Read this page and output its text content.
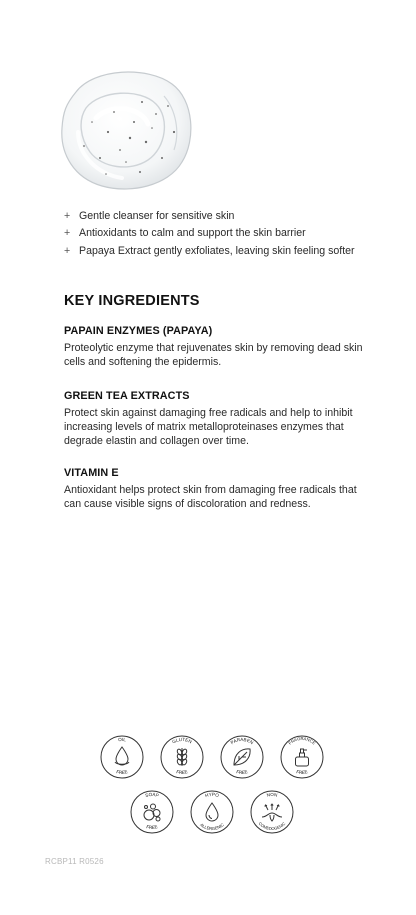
+ Gentle cleanser for sensitive skin
+ Antioxidants to calm and support the skin barrier
+ Papaya Extract gently exfoliates, leaving skin feeling softer
KEY INGREDIENTS
PAPAIN ENZYMES (PAPAYA)

Proteolytic enzyme that rejuvenates skin by removing dead skin cells and softening the epidermis.

GREEN TEA EXTRACTS

Protect skin against damaging free radicals and help to inhibit increasing levels of matrix metalloproteinases enzymes that degrade elastin and collagen over time.

VITAMIN E

Antioxidant helps protect skin from damaging free radicals that can cause visible signs of discoloration and redness.

OIL
FREE
GLUTEN
FREE
PARABEN
FREE
FRAGRANCE
FREE
SOAP
FREE
HYPO
ALLERGENIC
NON
COMEDOGENIC
RCBP11 R0526
